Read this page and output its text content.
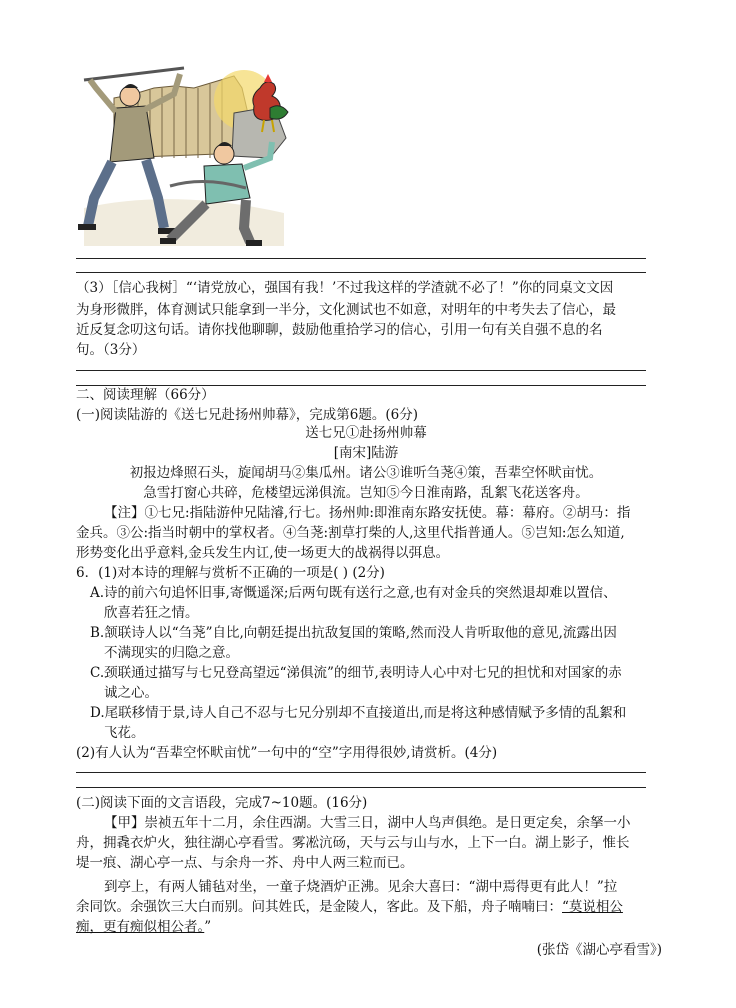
（3）［信心我树］“‘请党放心，强国有我！’不过我这样的学渣就不必了！”你的同桌文文因
为身形微胖，体育测试只能拿到一半分，文化测试也不如意，对明年的中考失去了信心，最
近反复念叨这句话。请你找他聊聊，鼓励他重拾学习的信心，引用一句有关自强不息的名
句。（3分）
二、阅读理解（66分）
(一)阅读陆游的《送七兄赴扬州帅幕》，完成第6题。(6分)
送七兄①赴扬州帅幕
[南宋]陆游
初报边烽照石头，旋闻胡马②集瓜州。诸公③谁听刍荛④策，吾辈空怀畎亩忧。
急雪打窗心共碎，危楼望远涕俱流。岂知⑤今日淮南路，乱絮飞花送客舟。
【注】①七兄:指陆游仲兄陆濬,行七。扬州帅:即淮南东路安抚使。幕：幕府。②胡马：指
金兵。③公:指当时朝中的掌权者。④刍荛:割草打柴的人,这里代指普通人。⑤岂知:怎么知道,
形势变化出乎意料,金兵发生内讧,使一场更大的战祸得以弭息。
6．(1)对本诗的理解与赏析不正确的一项是( ) (2分)
A.诗的前六句追怀旧事,寄慨遥深;后两句既有送行之意,也有对金兵的突然退却难以置信、
欣喜若狂之情。
B.颔联诗人以“刍荛”自比,向朝廷提出抗敌复国的策略,然而没人肯听取他的意见,流露出因
不满现实的归隐之意。
C.颈联通过描写与七兄登高望远“涕俱流”的细节,表明诗人心中对七兄的担忧和对国家的赤
诚之心。
D.尾联移情于景,诗人自己不忍与七兄分别却不直接道出,而是将这种感情赋予多情的乱絮和
飞花。
(2)有人认为“吾辈空怀畎亩忧”一句中的“空”字用得很妙,请赏析。(4分)
(二)阅读下面的文言语段，完成7~10题。(16分)
【甲】崇祯五年十二月，余住西湖。大雪三日，湖中人鸟声俱绝。是日更定矣，余拏一小
舟，拥毳衣炉火，独往湖心亭看雪。雾凇沆砀，天与云与山与水，上下一白。湖上影子，惟长
堤一痕、湖心亭一点、与余舟一芥、舟中人两三粒而已。
到亭上，有两人铺毡对坐，一童子烧酒炉正沸。见余大喜曰：“湖中焉得更有此人！”拉
余同饮。余强饮三大白而别。问其姓氏，是金陵人，客此。及下船，舟子喃喃曰：“莫说相公
痴，更有痴似相公者。”
(张岱《湖心亭看雪》)
